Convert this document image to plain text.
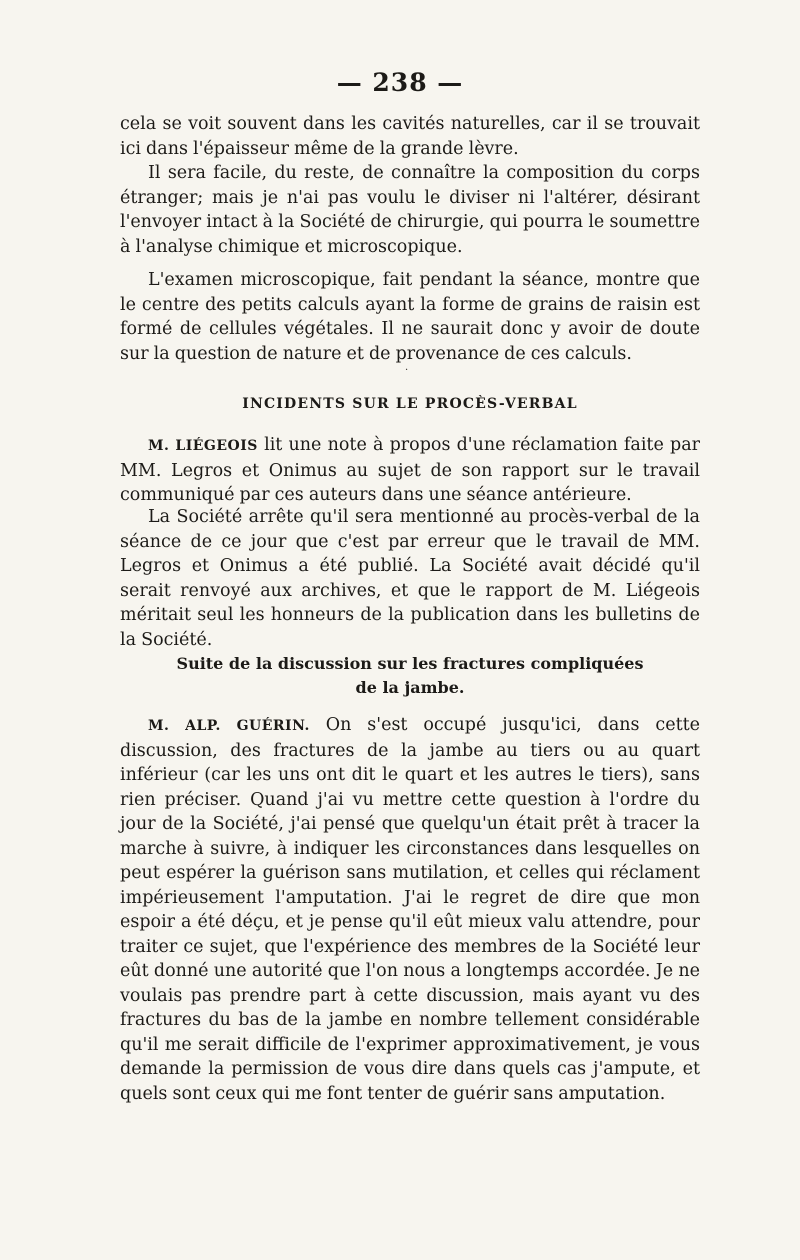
— 238 —

cela se voit souvent dans les cavités naturelles, car il se trouvait ici dans l'épaisseur même de la grande lèvre.

Il sera facile, du reste, de connaître la composition du corps étranger; mais je n'ai pas voulu le diviser ni l'altérer, désirant l'envoyer intact à la Société de chirurgie, qui pourra le soumettre à l'analyse chimique et microscopique.

L'examen microscopique, fait pendant la séance, montre que le centre des petits calculs ayant la forme de grains de raisin est formé de cellules végétales. Il ne saurait donc y avoir de doute sur la question de nature et de provenance de ces calculs.

·
INCIDENTS SUR LE PROCÈS-VERBAL

M. LIÉGEOIS lit une note à propos d'une réclamation faite par MM. Legros et Onimus au sujet de son rapport sur le travail communiqué par ces auteurs dans une séance antérieure.

La Société arrête qu'il sera mentionné au procès-verbal de la séance de ce jour que c'est par erreur que le travail de MM. Legros et Onimus a été publié. La Société avait décidé qu'il serait renvoyé aux archives, et que le rapport de M. Liégeois méritait seul les honneurs de la publication dans les bulletins de la Société.

Suite de la discussion sur les fractures compliquées
de la jambe.

M. ALP. GUÉRIN. On s'est occupé jusqu'ici, dans cette discussion, des fractures de la jambe au tiers ou au quart inférieur (car les uns ont dit le quart et les autres le tiers), sans rien préciser. Quand j'ai vu mettre cette question à l'ordre du jour de la Société, j'ai pensé que quelqu'un était prêt à tracer la marche à suivre, à indiquer les circonstances dans lesquelles on peut espérer la guérison sans mutilation, et celles qui réclament impérieusement l'amputation. J'ai le regret de dire que mon espoir a été déçu, et je pense qu'il eût mieux valu attendre, pour traiter ce sujet, que l'expérience des membres de la Société leur eût donné une autorité que l'on nous a longtemps accordée. Je ne voulais pas prendre part à cette discussion, mais ayant vu des fractures du bas de la jambe en nombre tellement considérable qu'il me serait difficile de l'exprimer approximativement, je vous demande la permission de vous dire dans quels cas j'ampute, et quels sont ceux qui me font tenter de guérir sans amputation.
